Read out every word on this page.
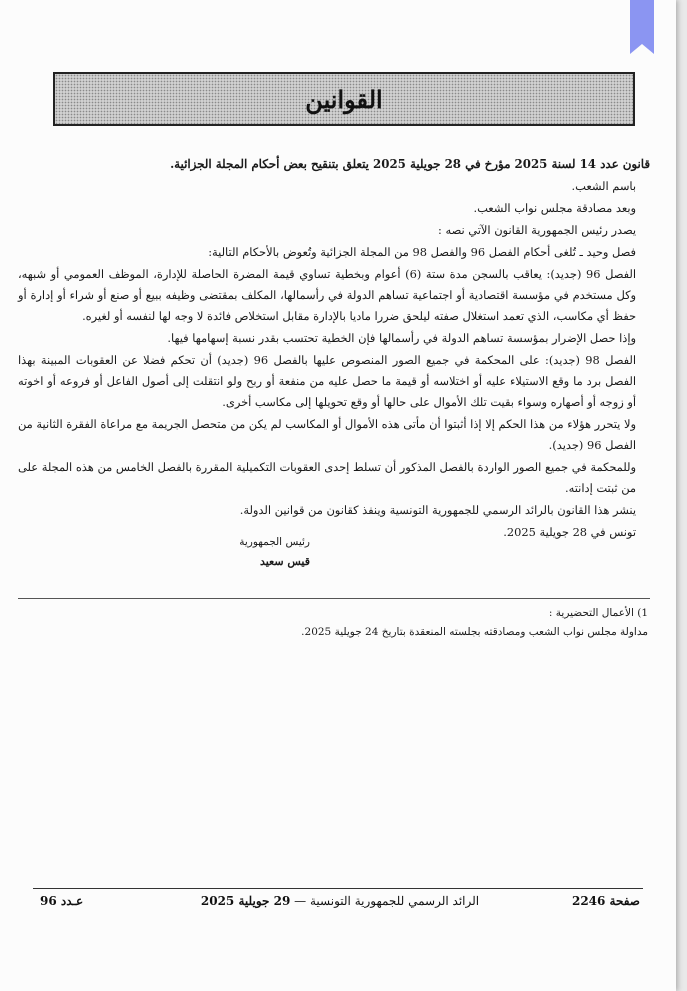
القوانين

قانون عدد 14 لسنة 2025 مؤرخ في 28 جويلية 2025 يتعلق بتنقيح بعض أحكام المجلة الجزائية.

باسم الشعب.

وبعد مصادقة مجلس نواب الشعب.

يصدر رئيس الجمهورية القانون الآتي نصه :

فصل وحيد ـ تُلغى أحكام الفصل 96 والفصل 98 من المجلة الجزائية وتُعوض بالأحكام التالية:

الفصل 96 (جديد): يعاقب بالسجن مدة ستة (6) أعوام وبخطية تساوي قيمة المضرة الحاصلة للإدارة، الموظف العمومي أو شبهه، وكل مستخدم في مؤسسة اقتصادية أو اجتماعية تساهم الدولة في رأسمالها، المكلف بمقتضى وظيفه ببيع أو صنع أو شراء أو إدارة أو حفظ أي مكاسب، الذي تعمد استغلال صفته ليلحق ضررا ماديا بالإدارة مقابل استخلاص فائدة لا وجه لها لنفسه أو لغيره.

وإذا حصل الإضرار بمؤسسة تساهم الدولة في رأسمالها فإن الخطية تحتسب بقدر نسبة إسهامها فيها.

الفصل 98 (جديد): على المحكمة في جميع الصور المنصوص عليها بالفصل 96 (جديد) أن تحكم فضلا عن العقوبات المبينة بهذا الفصل برد ما وقع الاستيلاء عليه أو اختلاسه أو قيمة ما حصل عليه من منفعة أو ربح ولو انتقلت إلى أصول الفاعل أو فروعه أو اخوته أو زوجه أو أصهاره وسواء بقيت تلك الأموال على حالها أو وقع تحويلها إلى مكاسب أخرى.

ولا يتحرر هؤلاء من هذا الحكم إلا إذا أثبتوا أن مأتى هذه الأموال أو المكاسب لم يكن من متحصل الجريمة مع مراعاة الفقرة الثانية من الفصل 96 (جديد).

وللمحكمة في جميع الصور الواردة بالفصل المذكور أن تسلط إحدى العقوبات التكميلية المقررة بالفصل الخامس من هذه المجلة على من ثبتت إدانته.

ينشر هذا القانون بالرائد الرسمي للجمهورية التونسية وينفذ كقانون من قوانين الدولة.

تونس في 28 جويلية 2025.

رئيس الجمهورية
قيس سعيد
1) الأعمال التحضيرية :
مداولة مجلس نواب الشعب ومصادقته بجلسته المنعقدة بتاريخ 24 جويلية 2025.
صفحة 2246
الرائد الرسمي للجمهورية التونسية — 29 جويلية 2025
عـدد 96
